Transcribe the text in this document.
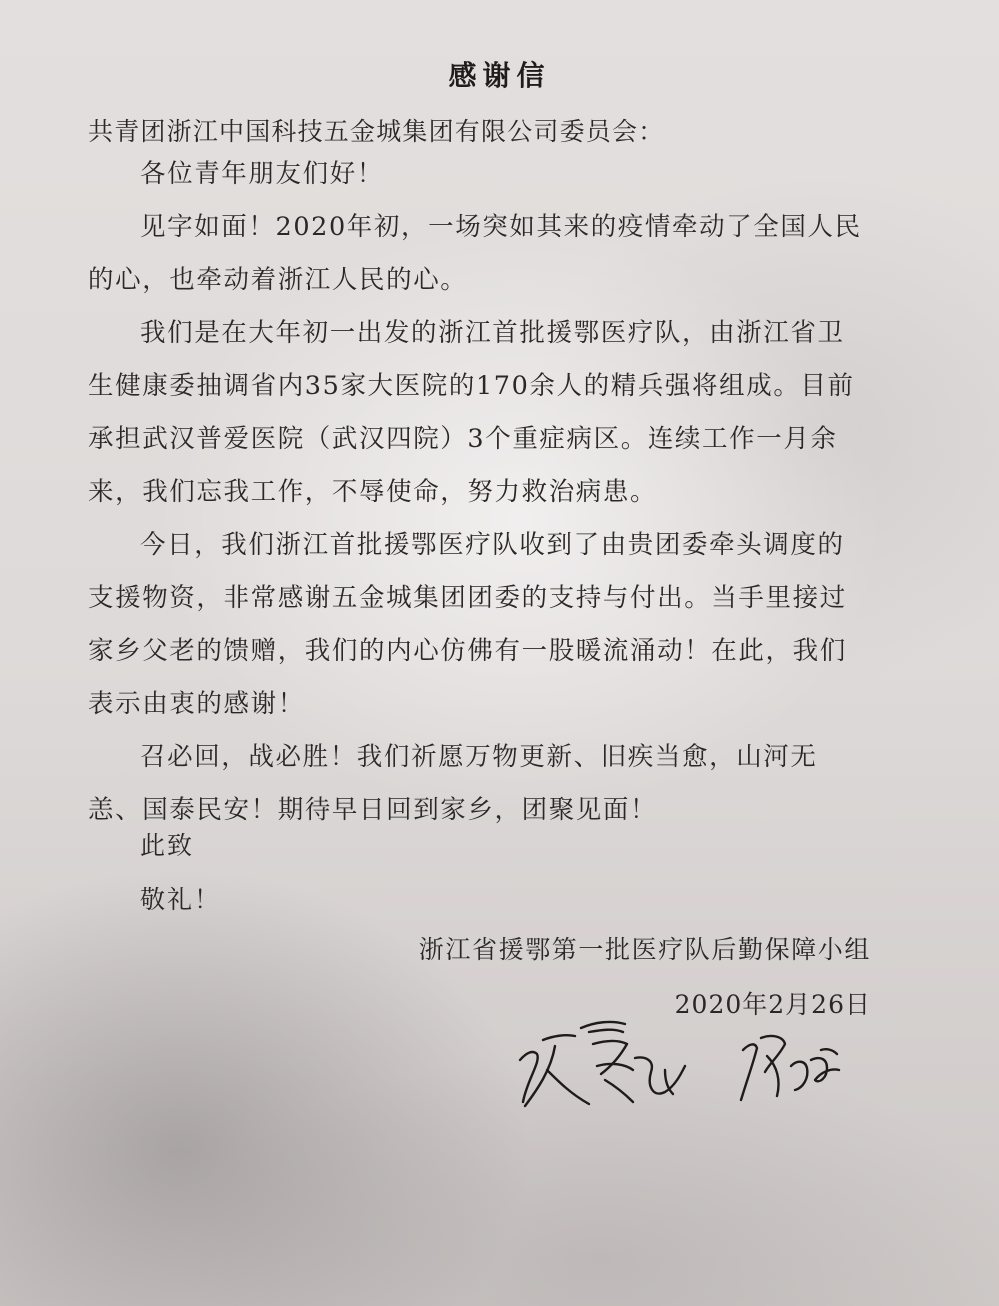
感谢信
共青团浙江中国科技五金城集团有限公司委员会：

各位青年朋友们好！

见字如面！2020年初，一场突如其来的疫情牵动了全国人民的心，也牵动着浙江人民的心。

我们是在大年初一出发的浙江首批援鄂医疗队，由浙江省卫生健康委抽调省内35家大医院的170余人的精兵强将组成。目前承担武汉普爱医院（武汉四院）3个重症病区。连续工作一月余来，我们忘我工作，不辱使命，努力救治病患。

今日，我们浙江首批援鄂医疗队收到了由贵团委牵头调度的支援物资，非常感谢五金城集团团委的支持与付出。当手里接过家乡父老的馈赠，我们的内心仿佛有一股暖流涌动！在此，我们表示由衷的感谢！

召必回，战必胜！我们祈愿万物更新、旧疾当愈，山河无恙、国泰民安！期待早日回到家乡，团聚见面！

此致
敬礼！
浙江省援鄂第一批医疗队后勤保障小组
2020年2月26日
